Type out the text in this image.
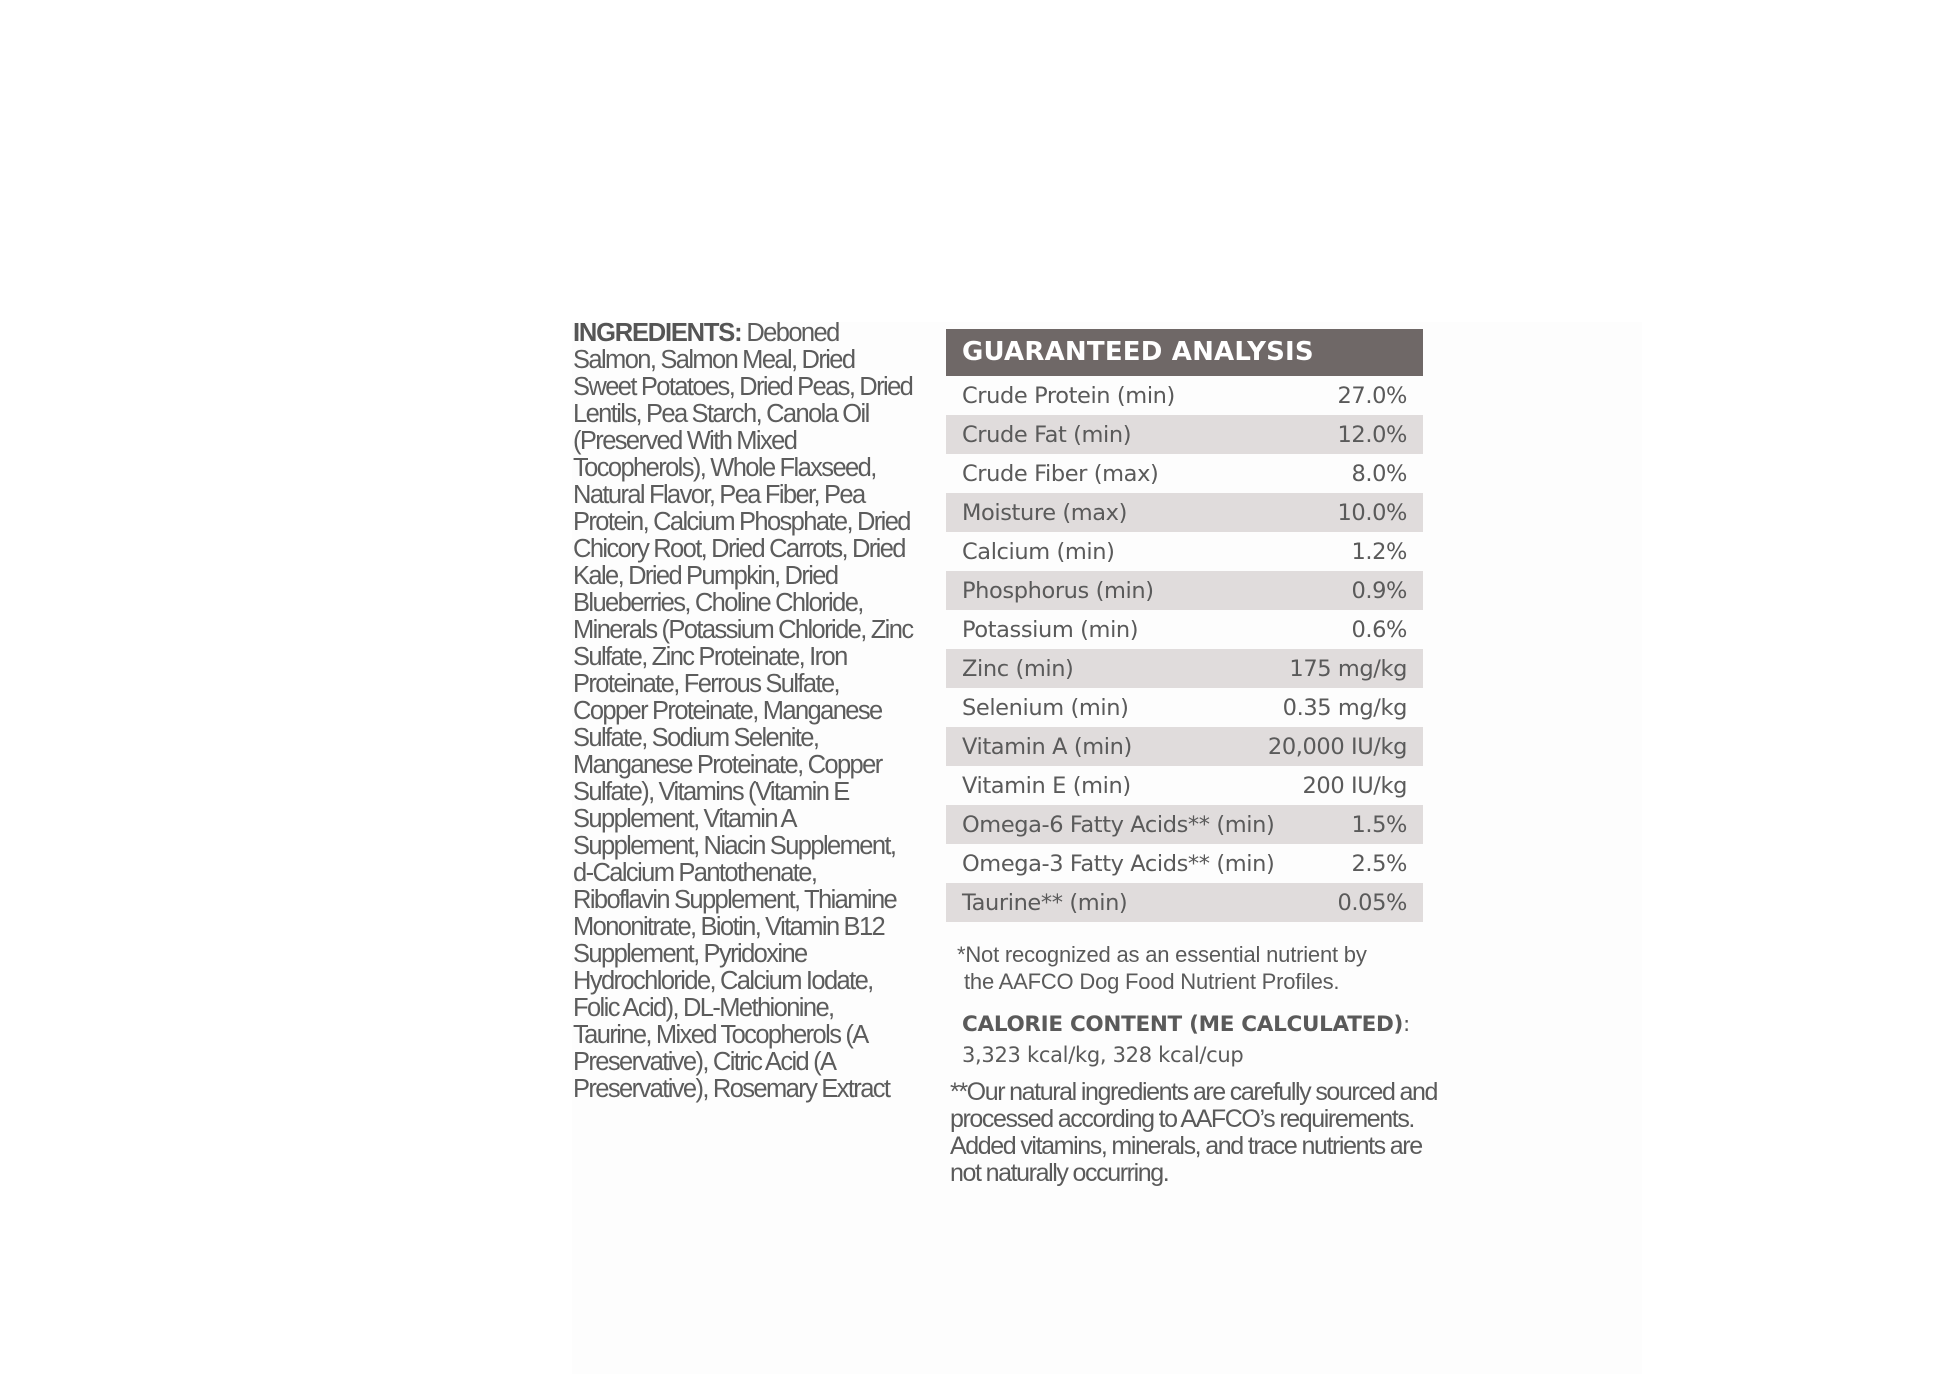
INGREDIENTS: Deboned Salmon, Salmon Meal, Dried Sweet Potatoes, Dried Peas, Dried Lentils, Pea Starch, Canola Oil (Preserved With Mixed Tocopherols), Whole Flaxseed, Natural Flavor, Pea Fiber, Pea Protein, Calcium Phosphate, Dried Chicory Root, Dried Carrots, Dried Kale, Dried Pumpkin, Dried Blueberries, Choline Chloride, Minerals (Potassium Chloride, Zinc Sulfate, Zinc Proteinate, Iron Proteinate, Ferrous Sulfate, Copper Proteinate, Manganese Sulfate, Sodium Selenite, Manganese Proteinate, Copper Sulfate), Vitamins (Vitamin E Supplement, Vitamin A Supplement, Niacin Supplement, d-Calcium Pantothenate, Riboflavin Supplement, Thiamine Mononitrate, Biotin, Vitamin B12 Supplement, Pyridoxine Hydrochloride, Calcium Iodate, Folic Acid), DL-Methionine, Taurine, Mixed Tocopherols (A Preservative), Citric Acid (A Preservative), Rosemary Extract
GUARANTEED ANALYSIS
Crude Protein (min)	27.0%
Crude Fat (min)	12.0%
Crude Fiber (max)	8.0%
Moisture (max)	10.0%
Calcium (min)	1.2%
Phosphorus (min)	0.9%
Potassium (min)	0.6%
Zinc (min)	175 mg/kg
Selenium (min)	0.35 mg/kg
Vitamin A (min)	20,000 IU/kg
Vitamin E (min)	200 IU/kg
Omega-6 Fatty Acids** (min)	1.5%
Omega-3 Fatty Acids** (min)	2.5%
Taurine** (min)	0.05%
*Not recognized as an essential nutrient by
the AAFCO Dog Food Nutrient Profiles.
CALORIE CONTENT (ME CALCULATED):
3,323 kcal/kg, 328 kcal/cup
**Our natural ingredients are carefully sourced and processed according to AAFCO’s requirements. Added vitamins, minerals, and trace nutrients are not naturally occurring.
